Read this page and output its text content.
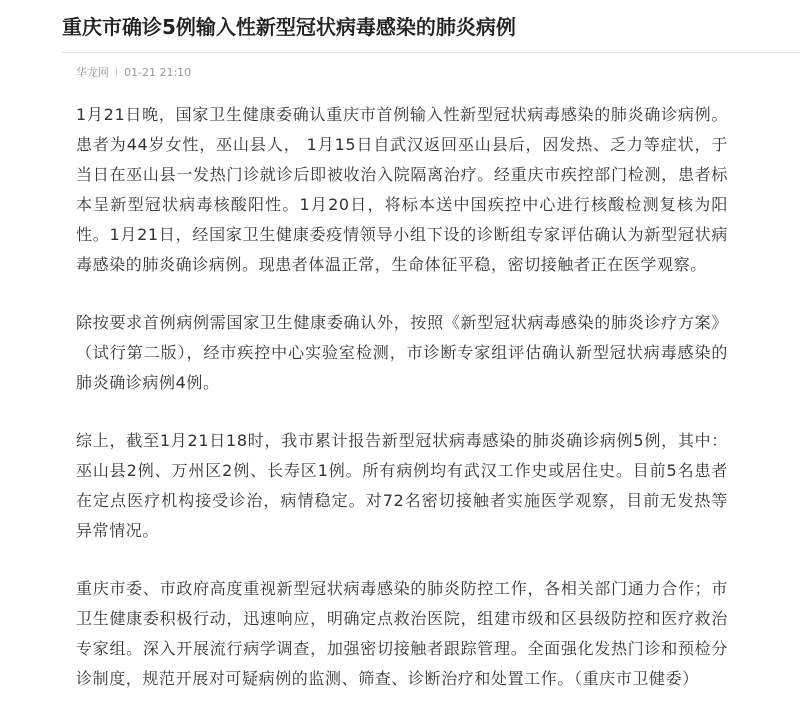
重庆市确诊5例输入性新型冠状病毒感染的肺炎病例
华龙网 01-21 21:10

1月21日晚，国家卫生健康委确认重庆市首例输入性新型冠状病毒感染的肺炎确诊病例。患者为44岁女性，巫山县人， 1月15日自武汉返回巫山县后，因发热、乏力等症状，于当日在巫山县一发热门诊就诊后即被收治入院隔离治疗。经重庆市疾控部门检测，患者标本呈新型冠状病毒核酸阳性。1月20日，将标本送中国疾控中心进行核酸检测复核为阳性。1月21日，经国家卫生健康委疫情领导小组下设的诊断组专家评估确认为新型冠状病毒感染的肺炎确诊病例。现患者体温正常，生命体征平稳，密切接触者正在医学观察。

除按要求首例病例需国家卫生健康委确认外，按照《新型冠状病毒感染的肺炎诊疗方案》（试行第二版），经市疾控中心实验室检测，市诊断专家组评估确认新型冠状病毒感染的肺炎确诊病例4例。

综上，截至1月21日18时，我市累计报告新型冠状病毒感染的肺炎确诊病例5例，其中：巫山县2例、万州区2例、长寿区1例。所有病例均有武汉工作史或居住史。目前5名患者在定点医疗机构接受诊治，病情稳定。对72名密切接触者实施医学观察，目前无发热等异常情况。

重庆市委、市政府高度重视新型冠状病毒感染的肺炎防控工作，各相关部门通力合作；市卫生健康委积极行动，迅速响应，明确定点救治医院，组建市级和区县级防控和医疗救治专家组。深入开展流行病学调查，加强密切接触者跟踪管理。全面强化发热门诊和预检分诊制度，规范开展对可疑病例的监测、筛查、诊断治疗和处置工作。（重庆市卫健委）
